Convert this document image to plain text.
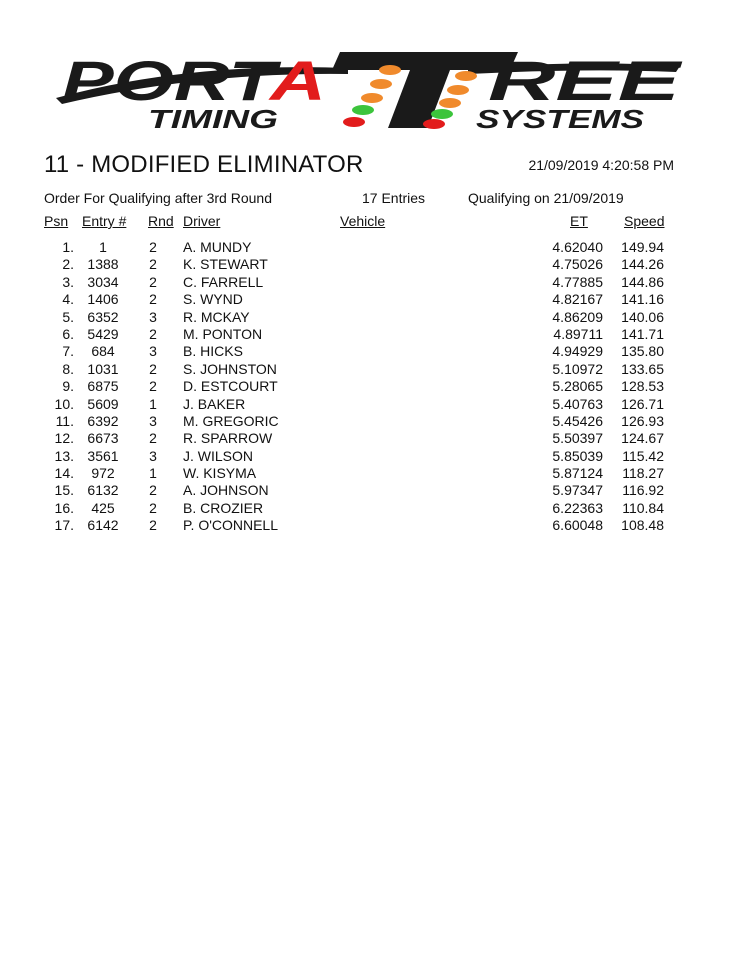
PORT A	REE
TIMING	SYSTEMS
11 - MODIFIED ELIMINATOR	21/09/2019 4:20:58 PM
Order For Qualifying after 3rd Round	17 Entries	Qualifying on 21/09/2019
Psn Entry # Rnd Driver	Vehicle	ET	Speed
1.	1	2	A. MUNDY	4.62040	149.94
2. 1388	2	K. STEWART	4.75026	144.26
3. 3034	2	C. FARRELL	4.77885	144.86
4. 1406	2	S. WYND	4.82167	141.16
5. 6352	3	R. MCKAY	4.86209	140.06
6. 5429	2	M. PONTON	4.89711	141.71
7.	684	3	B. HICKS	4.94929	135.80
8. 1031	2	S. JOHNSTON	5.10972	133.65
9. 6875	2	D. ESTCOURT	5.28065	128.53
10. 5609	1	J. BAKER	5.40763	126.71
11. 6392	3	M. GREGORIC	5.45426	126.93
12. 6673	2	R. SPARROW	5.50397	124.67
13. 3561	3	J. WILSON	5.85039	115.42
14.	972	1	W. KISYMA	5.87124	118.27
15. 6132	2	A. JOHNSON	5.97347	116.92
16.	425	2	B. CROZIER	6.22363	110.84
17. 6142	2	P. O'CONNELL	6.60048	108.48
